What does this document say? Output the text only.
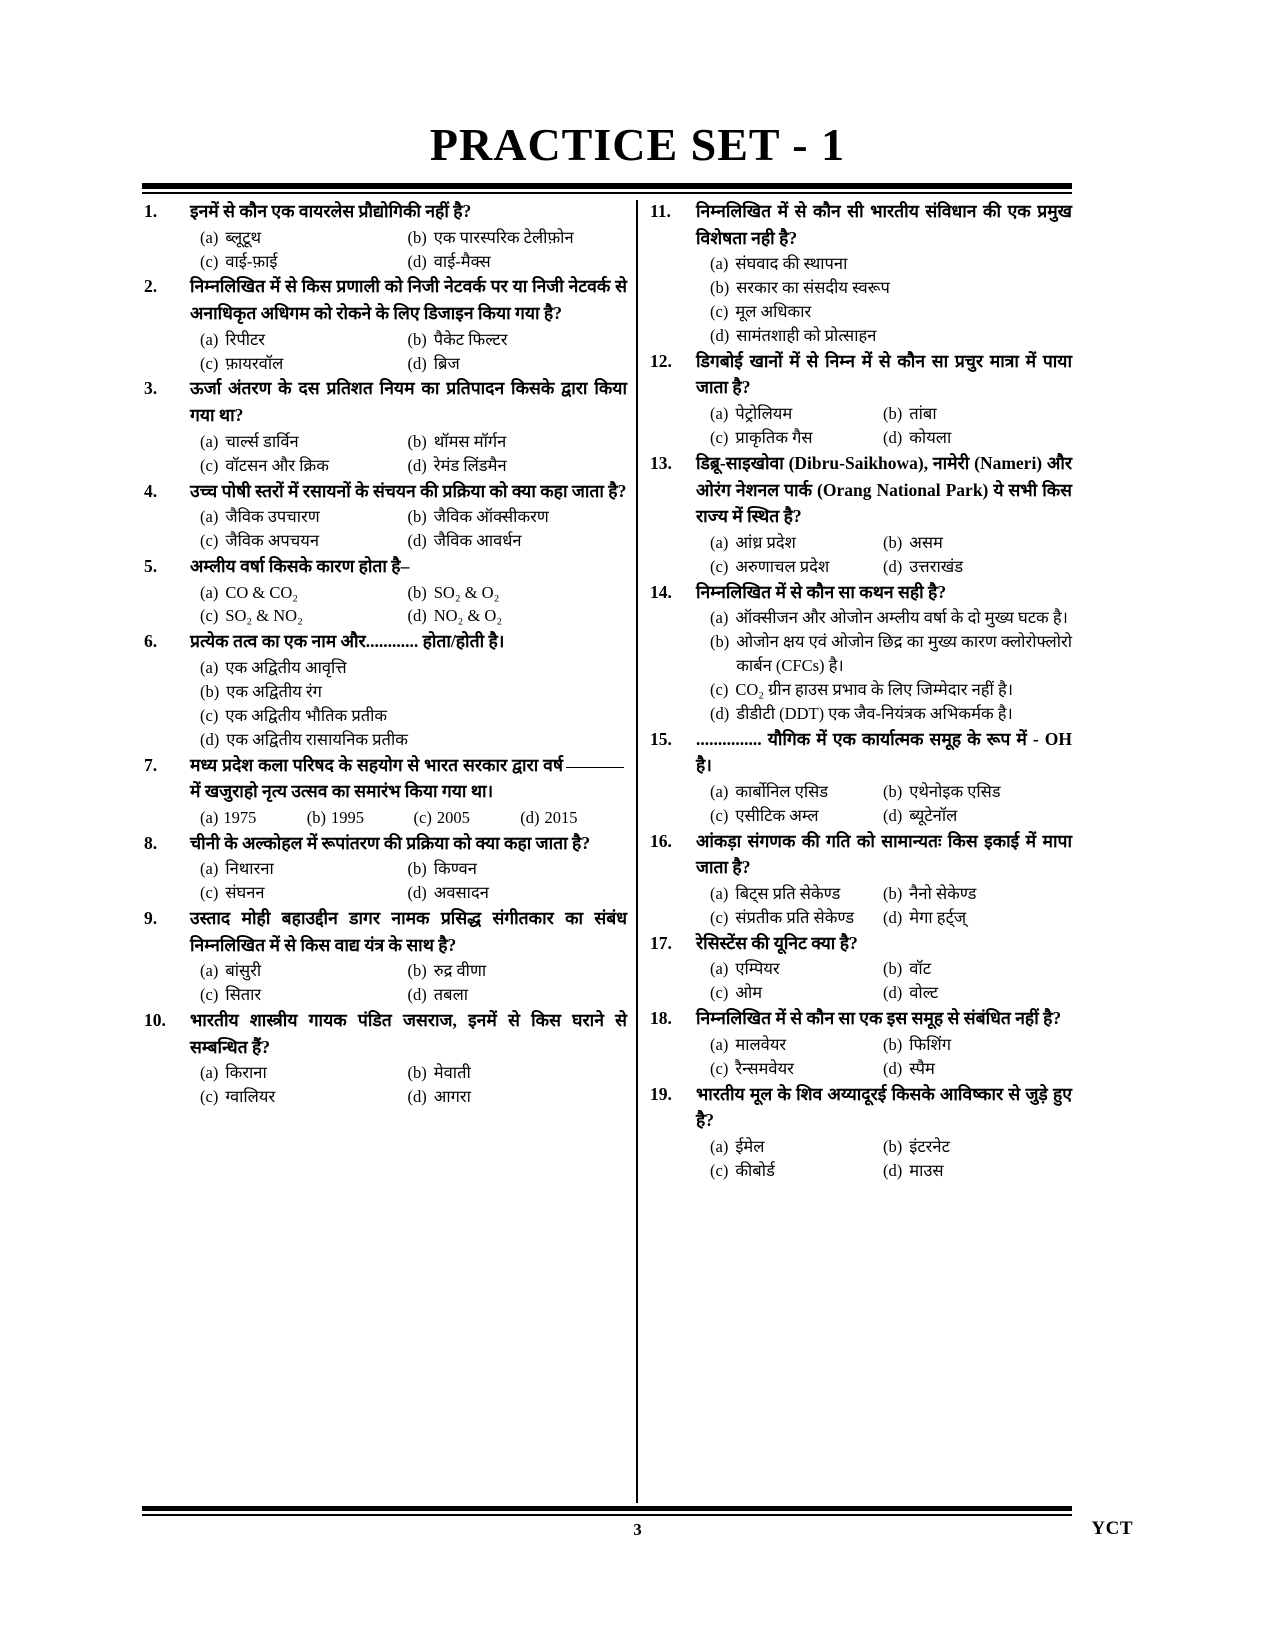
PRACTICE SET - 1
1.	इनमें से कौन एक वायरलेस प्रौद्योगिकी नहीं है?
(a) ब्लूटूथ	(b) एक पारस्परिक टेलीफ़ोन
(c) वाई-फ़ाई	(d) वाई-मैक्स
2.	निम्नलिखित में से किस प्रणाली को निजी नेटवर्क पर या निजी नेटवर्क से अनाधिकृत अधिगम को रोकने के लिए डिजाइन किया गया है?
(a) रिपीटर	(b) पैकेट फिल्टर
(c) फ़ायरवॉल	(d) ब्रिज
3.	ऊर्जा अंतरण के दस प्रतिशत नियम का प्रतिपादन किसके द्वारा किया गया था?
(a) चार्ल्स डार्विन	(b) थॉमस मॉर्गन
(c) वॉटसन और क्रिक	(d) रेमंड लिंडमैन
4.	उच्च पोषी स्तरों में रसायनों के संचयन की प्रक्रिया को क्या कहा जाता है?
(a) जैविक उपचारण	(b) जैविक ऑक्सीकरण
(c) जैविक अपचयन	(d) जैविक आवर्धन
5.	अम्लीय वर्षा किसके कारण होता है–
(a) CO & CO₂	(b) SO₂ & O₂
(c) SO₂ & NO₂	(d) NO₂ & O₂
6.	प्रत्येक तत्व का एक नाम और............ होता/होती है।
(a) एक अद्वितीय आवृत्ति
(b) एक अद्वितीय रंग
(c) एक अद्वितीय भौतिक प्रतीक
(d) एक अद्वितीय रासायनिक प्रतीक
7.	मध्य प्रदेश कला परिषद के सहयोग से भारत सरकार द्वारा वर्ष में खजुराहो नृत्य उत्सव का समारंभ किया गया था।
(a) 1975	(b) 1995	(c) 2005	(d) 2015
8.	चीनी के अल्कोहल में रूपांतरण की प्रक्रिया को क्या कहा जाता है?
(a) निथारना	(b) किण्वन
(c) संघनन	(d) अवसादन
9.	उस्ताद मोही बहाउद्दीन डागर नामक प्रसिद्ध संगीतकार का संबंध निम्नलिखित में से किस वाद्य यंत्र के साथ है?
(a) बांसुरी	(b) रुद्र वीणा
(c) सितार	(d) तबला
10.	भारतीय शास्त्रीय गायक पंडित जसराज, इनमें से किस घराने से सम्बन्धित हैं?
(a) किराना	(b) मेवाती
(c) ग्वालियर	(d) आगरा
11.	निम्नलिखित में से कौन सी भारतीय संविधान की एक प्रमुख विशेषता नही है?
(a) संघवाद की स्थापना
(b) सरकार का संसदीय स्वरूप
(c) मूल अधिकार
(d) सामंतशाही को प्रोत्साहन
12.	डिगबोई खानों में से निम्न में से कौन सा प्रचुर मात्रा में पाया जाता है?
(a) पेट्रोलियम	(b) तांबा
(c) प्राकृतिक गैस	(d) कोयला
13.	डिब्रू-साइखोवा (Dibru-Saikhowa), नामेरी (Nameri) और ओरंग नेशनल पार्क (Orang National Park) ये सभी किस राज्य में स्थित है?
(a) आंध्र प्रदेश	(b) असम
(c) अरुणाचल प्रदेश	(d) उत्तराखंड
14.	निम्नलिखित में से कौन सा कथन सही है?
(a) ऑक्सीजन और ओजोन अम्लीय वर्षा के दो मुख्य घटक है।
(b) ओजोन क्षय एवं ओजोन छिद्र का मुख्य कारण क्लोरोफ्लोरो कार्बन (CFCs) है।
(c) CO₂ ग्रीन हाउस प्रभाव के लिए जिम्मेदार नहीं है।
(d) डीडीटी (DDT) एक जैव-नियंत्रक अभिकर्मक है।
15.	............... यौगिक में एक कार्यात्मक समूह के रूप में - OH है।
(a) कार्बोनिल एसिड	(b) एथेनोइक एसिड
(c) एसीटिक अम्ल	(d) ब्यूटेनॉल
16.	आंकड़ा संगणक की गति को सामान्यतः किस इकाई में मापा जाता है?
(a) बिट्स प्रति सेकेण्ड	(b) नैनो सेकेण्ड
(c) संप्रतीक प्रति सेकेण्ड	(d) मेगा हर्ट्ज्
17.	रेसिस्टेंस की यूनिट क्या है?
(a) एम्पियर	(b) वॉट
(c) ओम	(d) वोल्ट
18.	निम्नलिखित में से कौन सा एक इस समूह से संबंधित नहीं है?
(a) मालवेयर	(b) फिशिंग
(c) रैन्समवेयर	(d) स्पैम
19.	भारतीय मूल के शिव अय्यादूरई किसके आविष्कार से जुड़े हुए है?
(a) ईमेल	(b) इंटरनेट
(c) कीबोर्ड	(d) माउस
3	YCT
